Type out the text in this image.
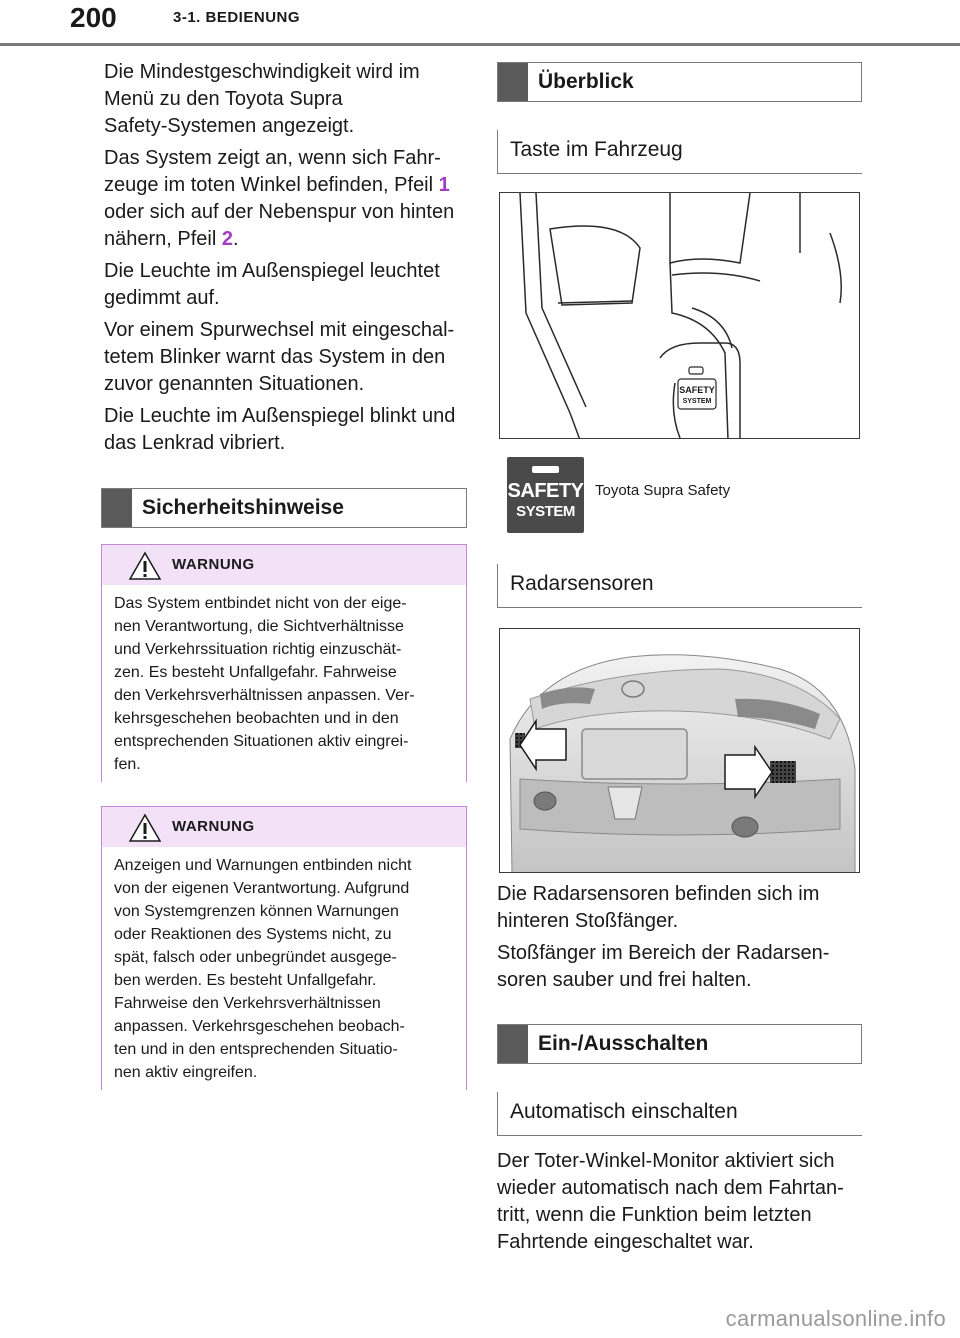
200	3-1. BEDIENUNG
Die Mindestgeschwindigkeit wird im
Menü zu den Toyota Supra
Safety-Systemen angezeigt.
Das System zeigt an, wenn sich Fahr-
zeuge im toten Winkel befinden, Pfeil 1
oder sich auf der Nebenspur von hinten
nähern, Pfeil 2.
Die Leuchte im Außenspiegel leuchtet
gedimmt auf.
Vor einem Spurwechsel mit eingeschal-
tetem Blinker warnt das System in den
zuvor genannten Situationen.
Die Leuchte im Außenspiegel blinkt und
das Lenkrad vibriert.
Sicherheitshinweise
WARNUNG
Das System entbindet nicht von der eige-
nen Verantwortung, die Sichtverhältnisse
und Verkehrssituation richtig einzuschät-
zen. Es besteht Unfallgefahr. Fahrweise
den Verkehrsverhältnissen anpassen. Ver-
kehrsgeschehen beobachten und in den
entsprechenden Situationen aktiv eingrei-
fen.
WARNUNG
Anzeigen und Warnungen entbinden nicht
von der eigenen Verantwortung. Aufgrund
von Systemgrenzen können Warnungen
oder Reaktionen des Systems nicht, zu
spät, falsch oder unbegründet ausgege-
ben werden. Es besteht Unfallgefahr.
Fahrweise den Verkehrsverhältnissen
anpassen. Verkehrsgeschehen beobach-
ten und in den entsprechenden Situatio-
nen aktiv eingreifen.
Überblick
Taste im Fahrzeug
SAFETY
SYSTEM
SAFETY
SYSTEM
Toyota Supra Safety
Radarsensoren
Die Radarsensoren befinden sich im
hinteren Stoßfänger.
Stoßfänger im Bereich der Radarsen-
soren sauber und frei halten.
Ein-/Ausschalten
Automatisch einschalten
Der Toter-Winkel-Monitor aktiviert sich
wieder automatisch nach dem Fahrtan-
tritt, wenn die Funktion beim letzten
Fahrtende eingeschaltet war.
carmanualsonline.info
